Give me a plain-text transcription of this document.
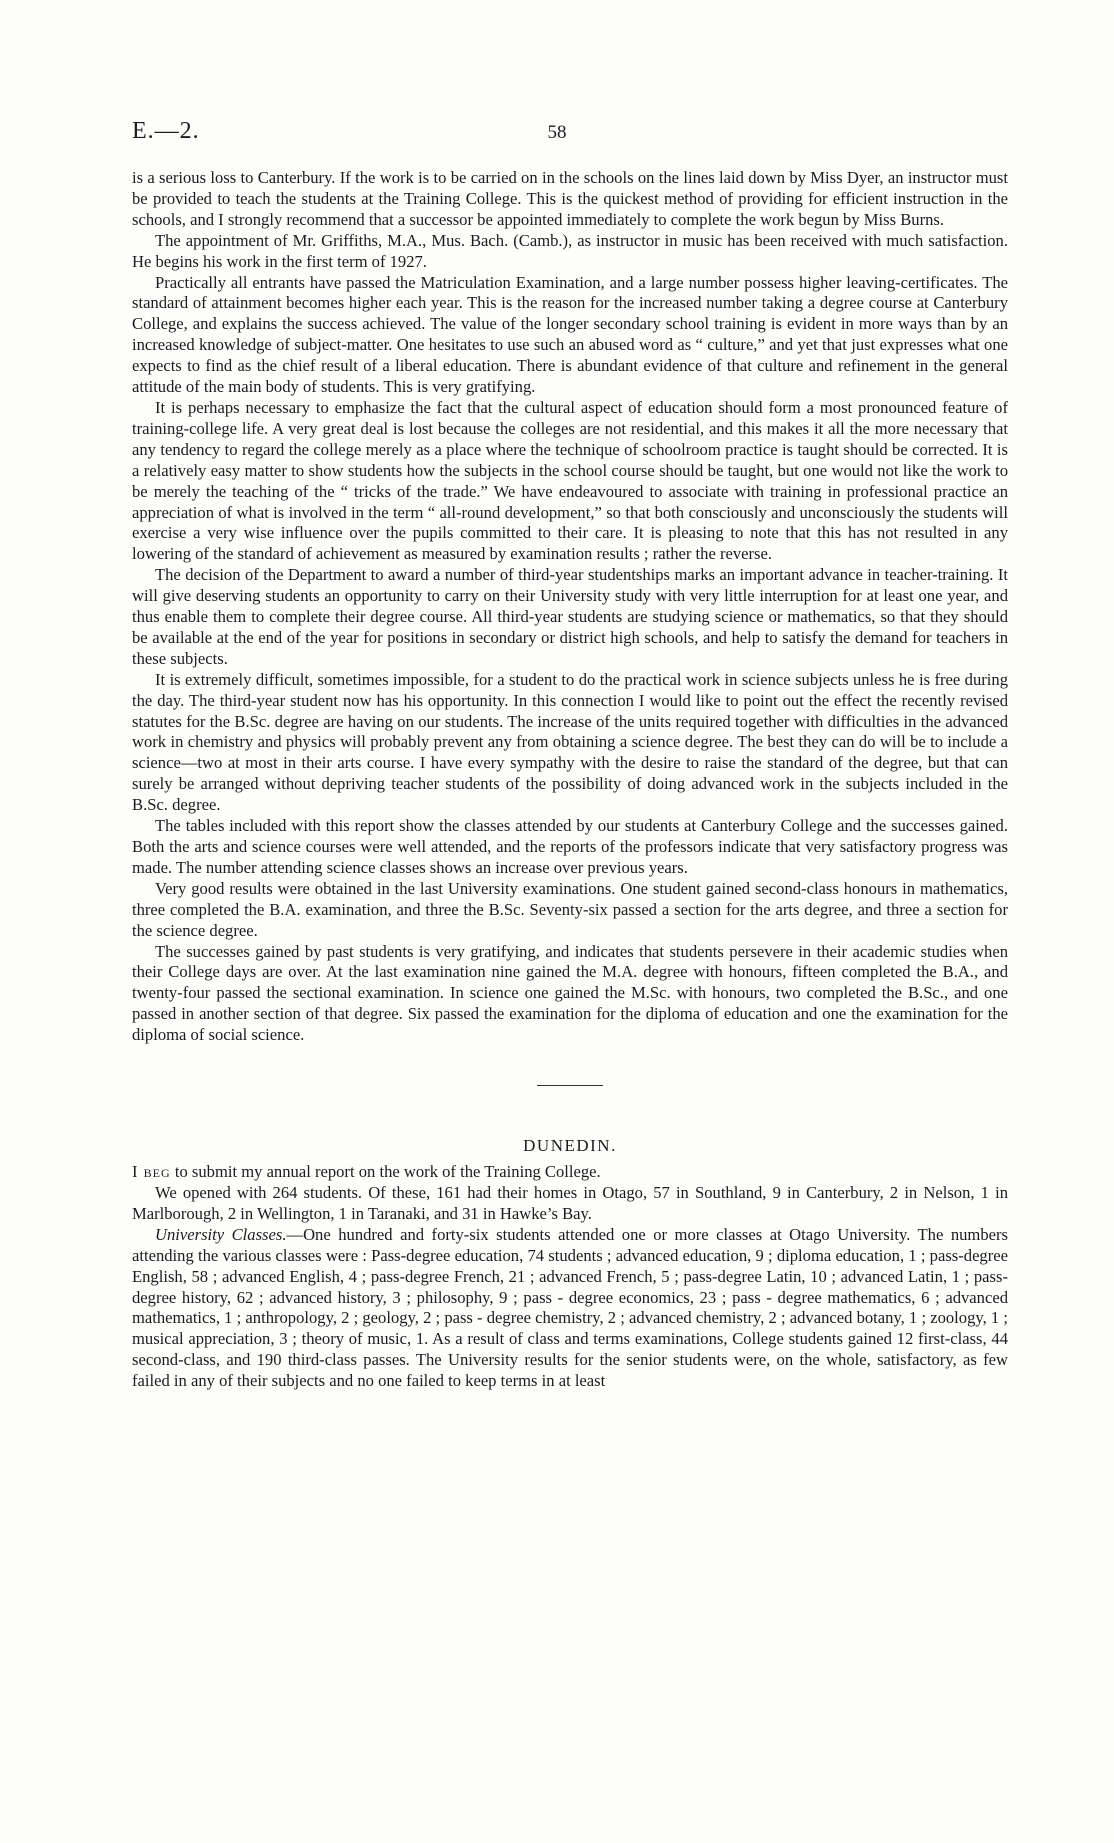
E.—2.	58

is a serious loss to Canterbury. If the work is to be carried on in the schools on the lines laid down by Miss Dyer, an instructor must be provided to teach the students at the Training College. This is the quickest method of providing for efficient instruction in the schools, and I strongly recommend that a successor be appointed immediately to complete the work begun by Miss Burns.

The appointment of Mr. Griffiths, M.A., Mus. Bach. (Camb.), as instructor in music has been received with much satisfaction. He begins his work in the first term of 1927.

Practically all entrants have passed the Matriculation Examination, and a large number possess higher leaving-certificates. The standard of attainment becomes higher each year. This is the reason for the increased number taking a degree course at Canterbury College, and explains the success achieved. The value of the longer secondary school training is evident in more ways than by an increased knowledge of subject-matter. One hesitates to use such an abused word as “ culture,” and yet that just expresses what one expects to find as the chief result of a liberal education. There is abundant evidence of that culture and refinement in the general attitude of the main body of students. This is very gratifying.

It is perhaps necessary to emphasize the fact that the cultural aspect of education should form a most pronounced feature of training-college life. A very great deal is lost because the colleges are not residential, and this makes it all the more necessary that any tendency to regard the college merely as a place where the technique of schoolroom practice is taught should be corrected. It is a relatively easy matter to show students how the subjects in the school course should be taught, but one would not like the work to be merely the teaching of the “ tricks of the trade.” We have endeavoured to associate with training in professional practice an appreciation of what is involved in the term “ all-round development,” so that both consciously and unconsciously the students will exercise a very wise influence over the pupils committed to their care. It is pleasing to note that this has not resulted in any lowering of the standard of achievement as measured by examination results ; rather the reverse.

The decision of the Department to award a number of third-year studentships marks an important advance in teacher-training. It will give deserving students an opportunity to carry on their University study with very little interruption for at least one year, and thus enable them to complete their degree course. All third-year students are studying science or mathematics, so that they should be available at the end of the year for positions in secondary or district high schools, and help to satisfy the demand for teachers in these subjects.

It is extremely difficult, sometimes impossible, for a student to do the practical work in science subjects unless he is free during the day. The third-year student now has his opportunity. In this connection I would like to point out the effect the recently revised statutes for the B.Sc. degree are having on our students. The increase of the units required together with difficulties in the advanced work in chemistry and physics will probably prevent any from obtaining a science degree. The best they can do will be to include a science—two at most in their arts course. I have every sympathy with the desire to raise the standard of the degree, but that can surely be arranged without depriving teacher students of the possibility of doing advanced work in the subjects included in the B.Sc. degree.

The tables included with this report show the classes attended by our students at Canterbury College and the successes gained. Both the arts and science courses were well attended, and the reports of the professors indicate that very satisfactory progress was made. The number attending science classes shows an increase over previous years.

Very good results were obtained in the last University examinations. One student gained second-class honours in mathematics, three completed the B.A. examination, and three the B.Sc. Seventy-six passed a section for the arts degree, and three a section for the science degree.

The successes gained by past students is very gratifying, and indicates that students persevere in their academic studies when their College days are over. At the last examination nine gained the M.A. degree with honours, fifteen completed the B.A., and twenty-four passed the sectional examination. In science one gained the M.Sc. with honours, two completed the B.Sc., and one passed in another section of that degree. Six passed the examination for the diploma of education and one the examination for the diploma of social science.

DUNEDIN.

I beg to submit my annual report on the work of the Training College.

We opened with 264 students. Of these, 161 had their homes in Otago, 57 in Southland, 9 in Canterbury, 2 in Nelson, 1 in Marlborough, 2 in Wellington, 1 in Taranaki, and 31 in Hawke’s Bay.

University Classes.—One hundred and forty-six students attended one or more classes at Otago University. The numbers attending the various classes were : Pass-degree education, 74 students ; advanced education, 9 ; diploma education, 1 ; pass-degree English, 58 ; advanced English, 4 ; pass-degree French, 21 ; advanced French, 5 ; pass-degree Latin, 10 ; advanced Latin, 1 ; pass-degree history, 62 ; advanced history, 3 ; philosophy, 9 ; pass - degree economics, 23 ; pass - degree mathematics, 6 ; advanced mathematics, 1 ; anthropology, 2 ; geology, 2 ; pass - degree chemistry, 2 ; advanced chemistry, 2 ; advanced botany, 1 ; zoology, 1 ; musical appreciation, 3 ; theory of music, 1. As a result of class and terms examinations, College students gained 12 first-class, 44 second-class, and 190 third-class passes. The University results for the senior students were, on the whole, satisfactory, as few failed in any of their subjects and no one failed to keep terms in at least
